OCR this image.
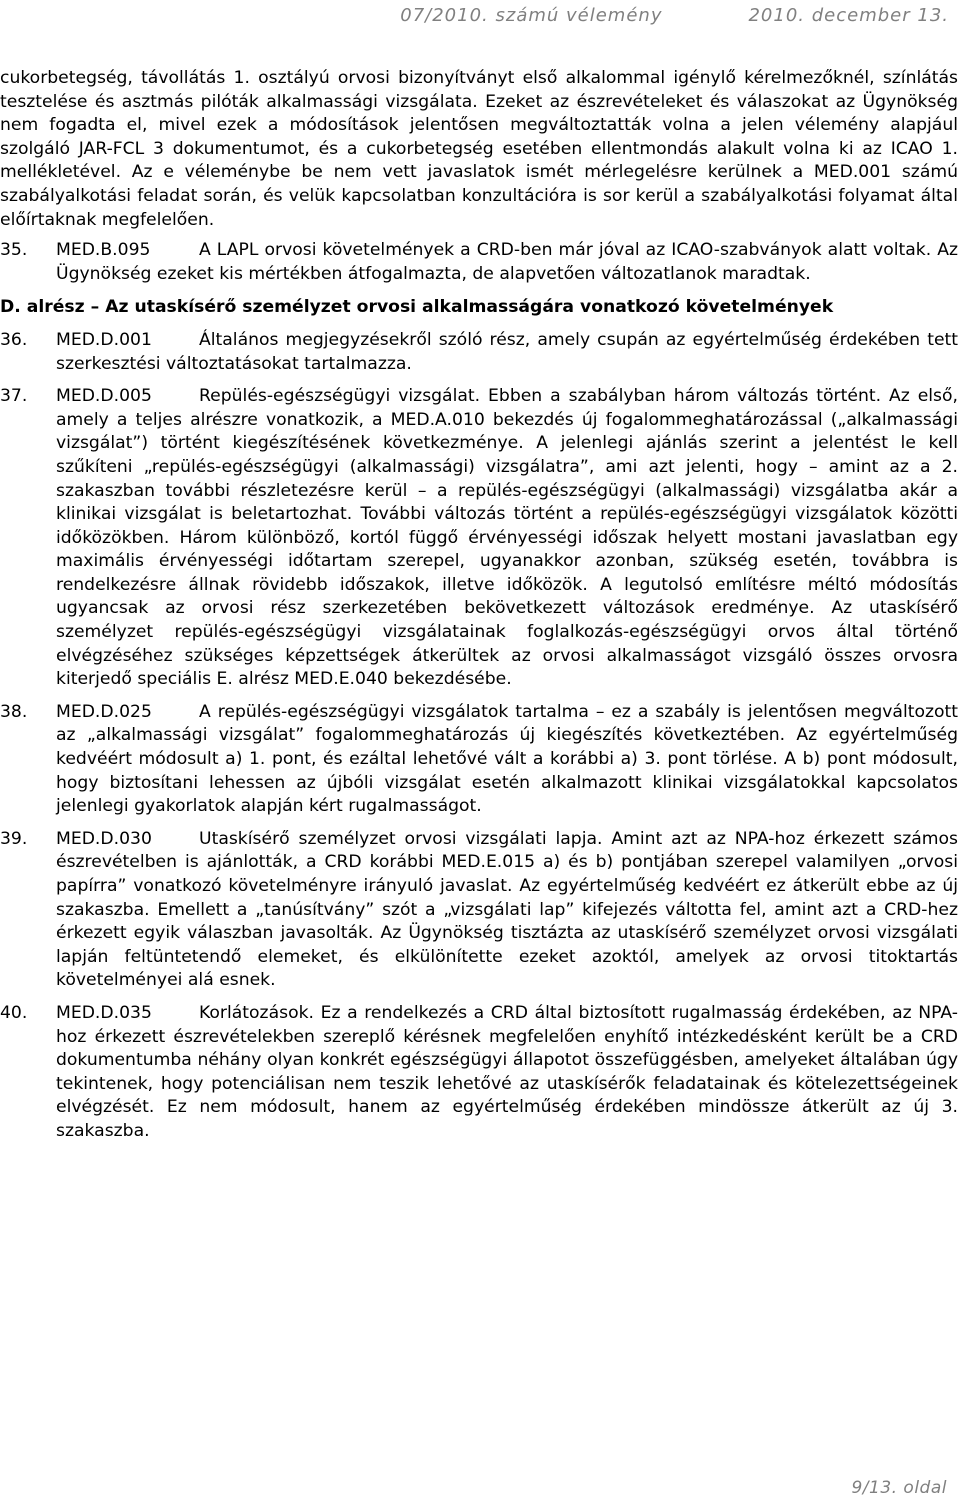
07/2010. számú vélemény	2010. december 13.

cukorbetegség, távollátás 1. osztályú orvosi bizonyítványt első alkalommal igénylő kérelmezőknél, színlátás tesztelése és asztmás pilóták alkalmassági vizsgálata. Ezeket az észrevételeket és válaszokat az Ügynökség nem fogadta el, mivel ezek a módosítások jelentősen megváltoztatták volna a jelen vélemény alapjául szolgáló JAR-FCL 3 dokumentumot, és a cukorbetegség esetében ellentmondás alakult volna ki az ICAO 1. mellékletével. Az e véleménybe be nem vett javaslatok ismét mérlegelésre kerülnek a MED.001 számú szabályalkotási feladat során, és velük kapcsolatban konzultációra is sor kerül a szabályalkotási folyamat által előírtaknak megfelelően.

35.	MED.B.095	A LAPL orvosi követelmények a CRD-ben már jóval az ICAO-szabványok alatt voltak. Az Ügynökség ezeket kis mértékben átfogalmazta, de alapvetően változatlanok maradtak.
D. alrész – Az utaskísérő személyzet orvosi alkalmasságára vonatkozó követelmények
36.	MED.D.001	Általános megjegyzésekről szóló rész, amely csupán az egyértelműség érdekében tett szerkesztési változtatásokat tartalmazza.
37.	MED.D.005	Repülés-egészségügyi vizsgálat. Ebben a szabályban három változás történt. Az első, amely a teljes alrészre vonatkozik, a MED.A.010 bekezdés új fogalommeghatározással („alkalmassági vizsgálat”) történt kiegészítésének következménye. A jelenlegi ajánlás szerint a jelentést le kell szűkíteni „repülés-egészségügyi (alkalmassági) vizsgálatra”, ami azt jelenti, hogy – amint az a 2. szakaszban további részletezésre kerül – a repülés-egészségügyi (alkalmassági) vizsgálatba akár a klinikai vizsgálat is beletartozhat. További változás történt a repülés-egészségügyi vizsgálatok közötti időközökben. Három különböző, kortól függő érvényességi időszak helyett mostani javaslatban egy maximális érvényességi időtartam szerepel, ugyanakkor azonban, szükség esetén, továbbra is rendelkezésre állnak rövidebb időszakok, illetve időközök. A legutolsó említésre méltó módosítás ugyancsak az orvosi rész szerkezetében bekövetkezett változások eredménye. Az utaskísérő személyzet repülés-egészségügyi vizsgálatainak foglalkozás-egészségügyi orvos által történő elvégzéséhez szükséges képzettségek átkerültek az orvosi alkalmasságot vizsgáló összes orvosra kiterjedő speciális E. alrész MED.E.040 bekezdésébe.
38.	MED.D.025	A repülés-egészségügyi vizsgálatok tartalma – ez a szabály is jelentősen megváltozott az „alkalmassági vizsgálat” fogalommeghatározás új kiegészítés következtében. Az egyértelműség kedvéért módosult a) 1. pont, és ezáltal lehetővé vált a korábbi a) 3. pont törlése. A b) pont módosult, hogy biztosítani lehessen az újbóli vizsgálat esetén alkalmazott klinikai vizsgálatokkal kapcsolatos jelenlegi gyakorlatok alapján kért rugalmasságot.
39.	MED.D.030	Utaskísérő személyzet orvosi vizsgálati lapja. Amint azt az NPA-hoz érkezett számos észrevételben is ajánlották, a CRD korábbi MED.E.015 a) és b) pontjában szerepel valamilyen „orvosi papírra” vonatkozó követelményre irányuló javaslat. Az egyértelműség kedvéért ez átkerült ebbe az új szakaszba. Emellett a „tanúsítvány” szót a „vizsgálati lap” kifejezés váltotta fel, amint azt a CRD-hez érkezett egyik válaszban javasolták. Az Ügynökség tisztázta az utaskísérő személyzet orvosi vizsgálati lapján feltüntetendő elemeket, és elkülönítette ezeket azoktól, amelyek az orvosi titoktartás követelményei alá esnek.
40.	MED.D.035	Korlátozások. Ez a rendelkezés a CRD által biztosított rugalmasság érdekében, az NPA-hoz érkezett észrevételekben szereplő kérésnek megfelelően enyhítő intézkedésként került be a CRD dokumentumba néhány olyan konkrét egészségügyi állapotot összefüggésben, amelyeket általában úgy tekintenek, hogy potenciálisan nem teszik lehetővé az utaskísérők feladatainak és kötelezettségeinek elvégzését. Ez nem módosult, hanem az egyértelműség érdekében mindössze átkerült az új 3. szakaszba.
9/13. oldal
